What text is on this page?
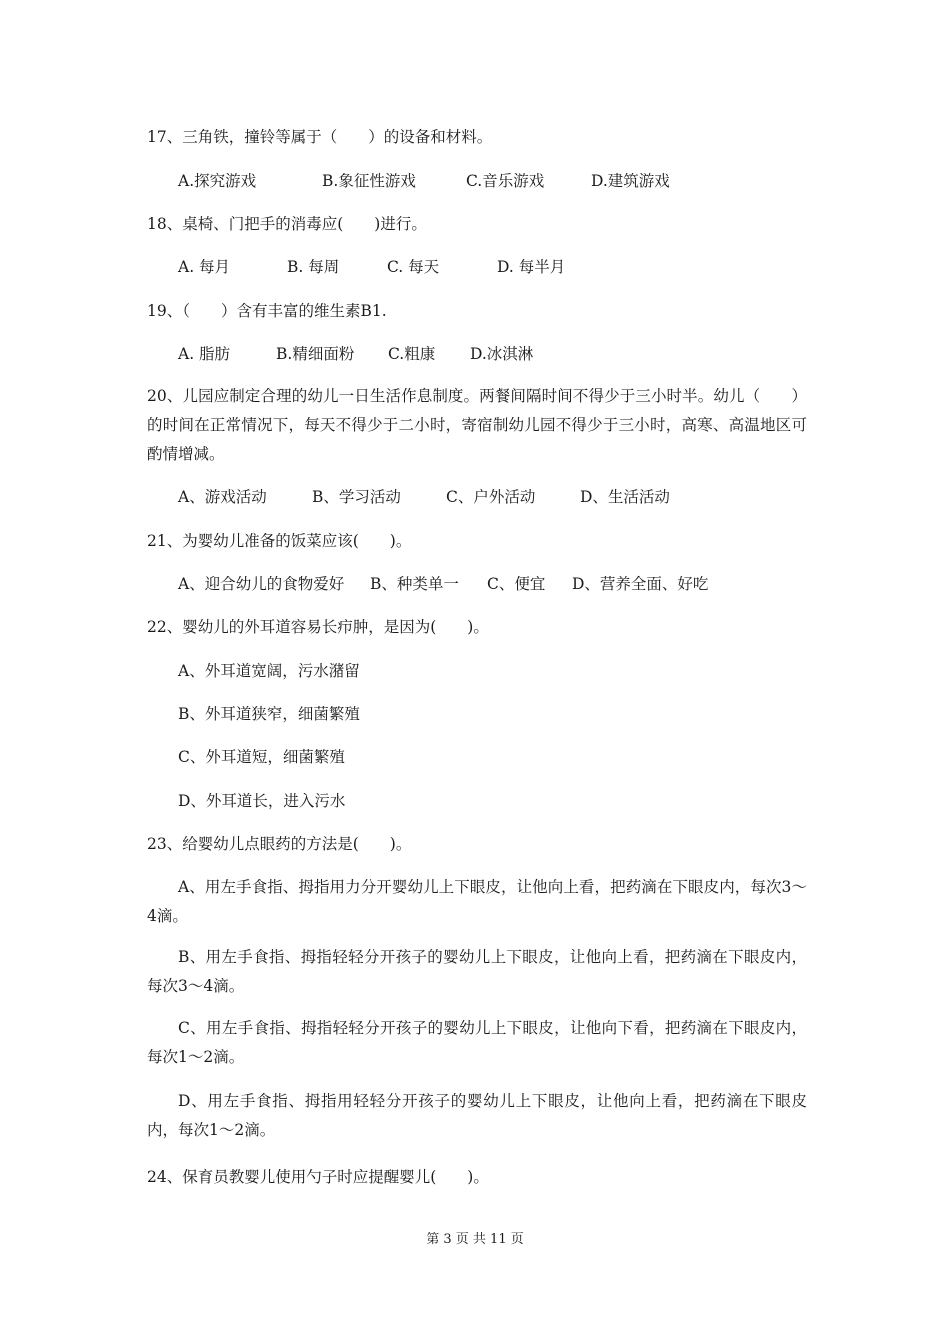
17、三角铁，撞铃等属于（　　）的设备和材料。
A.探究游戏	B.象征性游戏	C.音乐游戏	D.建筑游戏
18、桌椅、门把手的消毒应(　　)进行。
A. 每月	B. 每周	C. 每天	D. 每半月
19、（　　）含有丰富的维生素B1.
A. 脂肪	B.精细面粉 C.粗康 D.冰淇淋
20、儿园应制定合理的幼儿一日生活作息制度。两餐间隔时间不得少于三小时半。幼儿（　　）的时间在正常情况下，每天不得少于二小时，寄宿制幼儿园不得少于三小时，高寒、高温地区可酌情增减。
A、游戏活动	B、学习活动	C、户外活动	D、生活活动
21、为婴幼儿准备的饭菜应该(　　)。
A、迎合幼儿的食物爱好 B、种类单一 C、便宜 D、营养全面、好吃
22、婴幼儿的外耳道容易长疖肿，是因为(　　)。
A、外耳道宽阔，污水潴留
B、外耳道狭窄，细菌繁殖
C、外耳道短，细菌繁殖
D、外耳道长，进入污水
23、给婴幼儿点眼药的方法是(　　)。
A、用左手食指、拇指用力分开婴幼儿上下眼皮，让他向上看，把药滴在下眼皮内，每次3～4滴。
B、用左手食指、拇指轻轻分开孩子的婴幼儿上下眼皮，让他向上看，把药滴在下眼皮内，每次3～4滴。
C、用左手食指、拇指轻轻分开孩子的婴幼儿上下眼皮，让他向下看，把药滴在下眼皮内，每次1～2滴。
D、用左手食指、拇指用轻轻分开孩子的婴幼儿上下眼皮，让他向上看，把药滴在下眼皮内，每次1～2滴。
24、保育员教婴儿使用勺子时应提醒婴儿(　　)。
第 3 页 共 11 页
